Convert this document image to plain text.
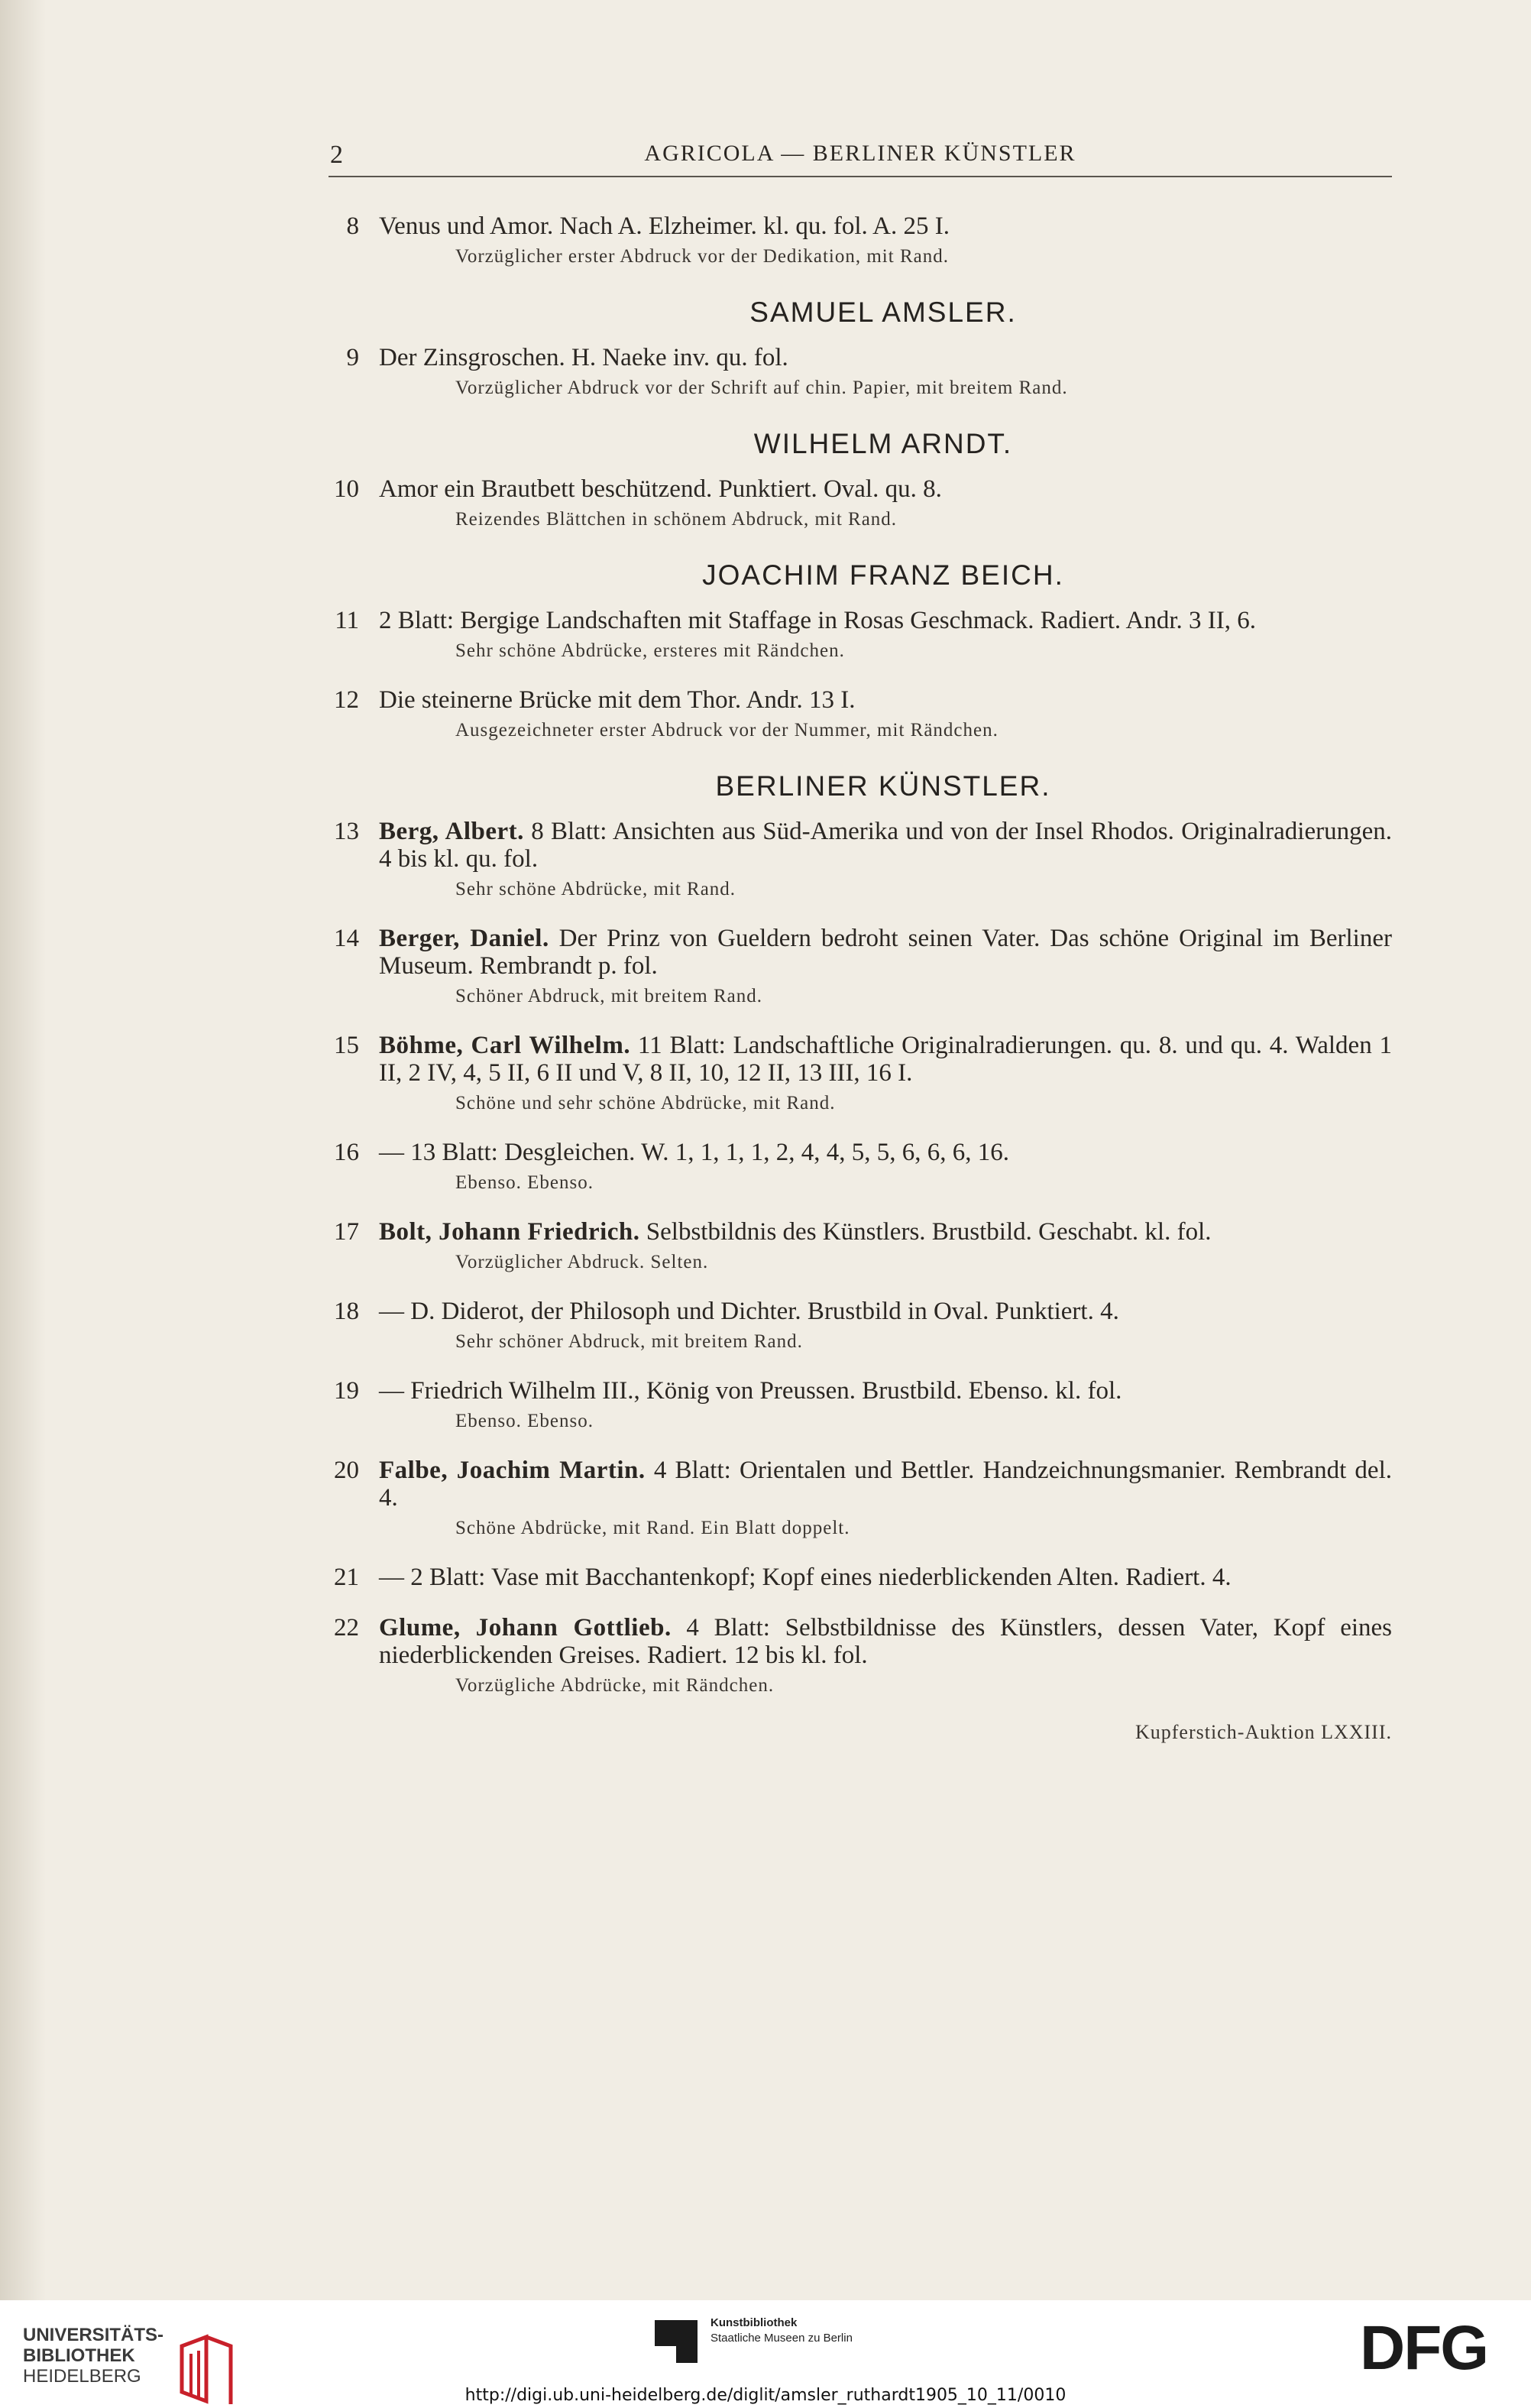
2	AGRICOLA — BERLINER KÜNSTLER
8 Venus und Amor. Nach A. Elzheimer. kl. qu. fol. A. 25 I.

Vorzüglicher erster Abdruck vor der Dedikation, mit Rand.

SAMUEL AMSLER.
9 Der Zinsgroschen. H. Naeke inv. qu. fol.

Vorzüglicher Abdruck vor der Schrift auf chin. Papier, mit breitem Rand.

WILHELM ARNDT.
10 Amor ein Brautbett beschützend. Punktiert. Oval. qu. 8.

Reizendes Blättchen in schönem Abdruck, mit Rand.

JOACHIM FRANZ BEICH.
11 2 Blatt: Bergige Landschaften mit Staffage in Rosas Geschmack. Radiert. Andr. 3 II, 6.

Sehr schöne Abdrücke, ersteres mit Rändchen.

12 Die steinerne Brücke mit dem Thor. Andr. 13 I.

Ausgezeichneter erster Abdruck vor der Nummer, mit Rändchen.

BERLINER KÜNSTLER.
13 Berg, Albert. 8 Blatt: Ansichten aus Süd-Amerika und von der Insel Rhodos. Originalradierungen. 4 bis kl. qu. fol.

Sehr schöne Abdrücke, mit Rand.

14 Berger, Daniel. Der Prinz von Gueldern bedroht seinen Vater. Das schöne Original im Berliner Museum. Rembrandt p. fol.

Schöner Abdruck, mit breitem Rand.

15 Böhme, Carl Wilhelm. 11 Blatt: Landschaftliche Originalradierungen. qu. 8. und qu. 4. Walden 1 II, 2 IV, 4, 5 II, 6 II und V, 8 II, 10, 12 II, 13 III, 16 I.

Schöne und sehr schöne Abdrücke, mit Rand.

16 — 13 Blatt: Desgleichen. W. 1, 1, 1, 1, 2, 4, 4, 5, 5, 6, 6, 6, 16.

Ebenso. Ebenso.

17 Bolt, Johann Friedrich. Selbstbildnis des Künstlers. Brustbild. Geschabt. kl. fol.

Vorzüglicher Abdruck. Selten.

18 — D. Diderot, der Philosoph und Dichter. Brustbild in Oval. Punktiert. 4.

Sehr schöner Abdruck, mit breitem Rand.

19 — Friedrich Wilhelm III., König von Preussen. Brustbild. Ebenso. kl. fol.

Ebenso. Ebenso.

20 Falbe, Joachim Martin. 4 Blatt: Orientalen und Bettler. Handzeichnungsmanier. Rembrandt del. 4.

Schöne Abdrücke, mit Rand. Ein Blatt doppelt.

21 — 2 Blatt: Vase mit Bacchantenkopf; Kopf eines niederblickenden Alten. Radiert. 4.

22 Glume, Johann Gottlieb. 4 Blatt: Selbstbildnisse des Künstlers, dessen Vater, Kopf eines niederblickenden Greises. Radiert. 12 bis kl. fol.

Vorzügliche Abdrücke, mit Rändchen.

Kupferstich-Auktion LXXIII.
UNIVERSITÄTS-
BIBLIOTHEK
HEIDELBERG
Kunstbibliothek
Staatliche Museen zu Berlin	DFG
http://digi.ub.uni-heidelberg.de/diglit/amsler_ruthardt1905_10_11/0010
